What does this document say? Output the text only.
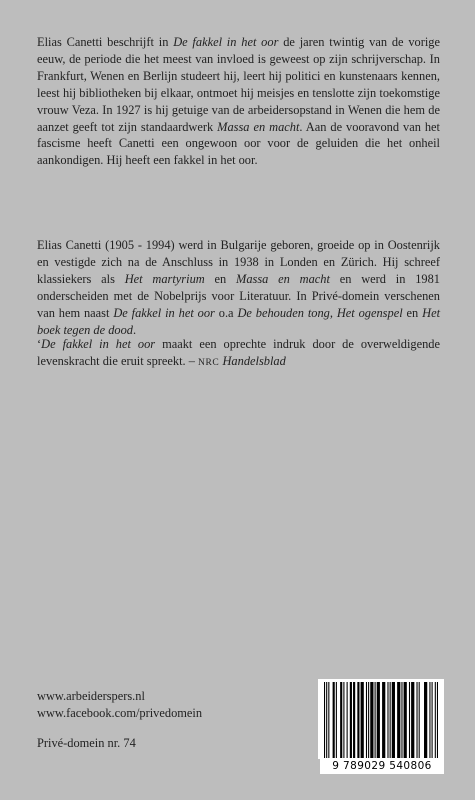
Elias Canetti beschrijft in De fakkel in het oor de jaren twintig van de vorige eeuw, de periode die het meest van invloed is geweest op zijn schrijverschap. In Frankfurt, Wenen en Berlijn studeert hij, leert hij politici en kunstenaars kennen, leest hij bibliotheken bij elkaar, ontmoet hij meisjes en tenslotte zijn toekomstige vrouw Veza. In 1927 is hij getuige van de arbeidersopstand in Wenen die hem de aanzet geeft tot zijn standaardwerk Massa en macht. Aan de vooravond van het fascisme heeft Canetti een ongewoon oor voor de geluiden die het onheil aankondigen. Hij heeft een fakkel in het oor.

Elias Canetti (1905 - 1994) werd in Bulgarije geboren, groeide op in Oostenrijk en vestigde zich na de Anschluss in 1938 in Londen en Zürich. Hij schreef klassiekers als Het martyrium en Massa en macht en werd in 1981 onderscheiden met de Nobelprijs voor Literatuur. In Privé-domein verschenen van hem naast De fakkel in het oor o.a De behouden tong, Het ogenspel en Het boek tegen de dood.

‘De fakkel in het oor maakt een oprechte indruk door de overweldigende levenskracht die eruit spreekt. – NRC Handelsblad

www.arbeiderspers.nl
www.facebook.com/privedomein
Privé-domein nr. 74
9 789029 540806
